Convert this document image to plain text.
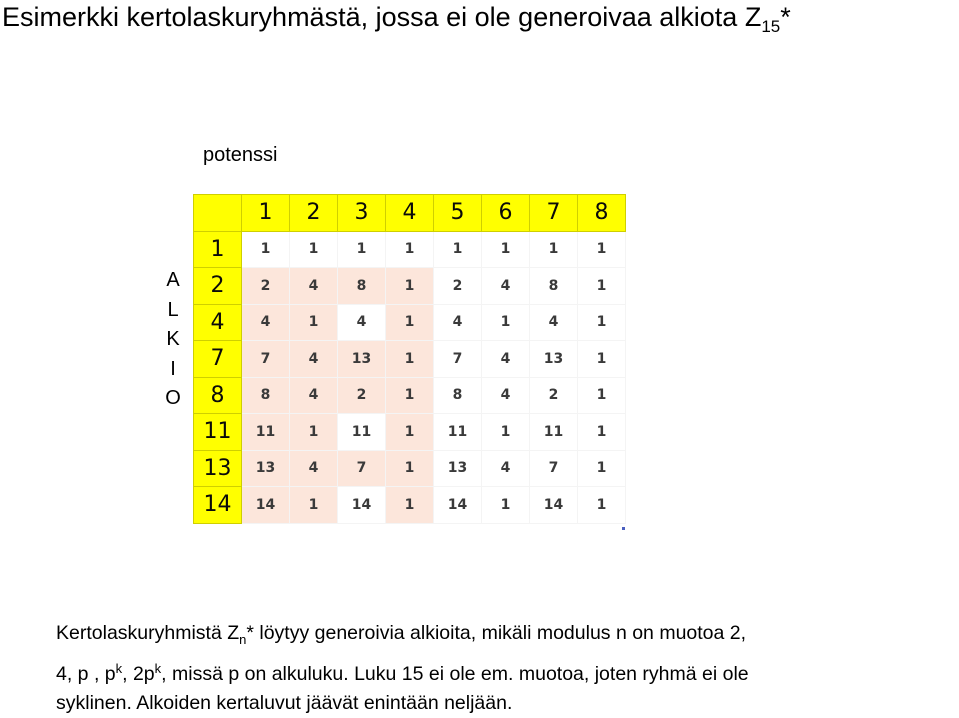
Esimerkki kertolaskuryhmästä, jossa ei ole generoivaa alkiota $Z_{15}*$
potenssi
A
L
K
I
O
	1	2	3	4	5	6	7	8
1	1	1	1	1	1	1	1	1
2	2	4	8	1	2	4	8	1
4	4	1	4	1	4	1	4	1
7	7	4	13	1	7	4	13	1
8	8	4	2	1	8	4	2	1
11	11	1	11	1	11	1	11	1
13	13	4	7	1	13	4	7	1
14	14	1	14	1	14	1	14	1
Kertolaskuryhmistä $Z_n*$ löytyy generoivia alkioita, mikäli modulus n on muotoa 2,
4, p , $p^k$, $2p^k$, missä p on alkuluku. Luku 15 ei ole em. muotoa, joten ryhmä ei ole
syklinen. Alkoiden kertaluvut jäävät enintään neljään.
